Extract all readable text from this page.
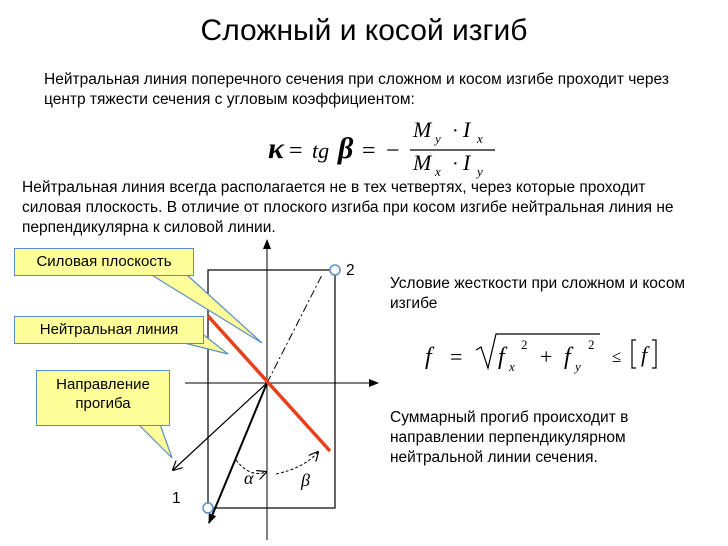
Сложный и косой изгиб
Нейтральная линия поперечного сечения при сложном и косом изгибе проходит через центр тяжести сечения с угловым коэффициентом:
Нейтральная линия всегда располагается не в тех четвертях, через которые проходит силовая плоскость. В отличие от плоского изгиба при косом изгибе нейтральная линия не перпендикулярна к силовой линии.
Условие жесткости при сложном и косом изгибе
Суммарный прогиб происходит в направлении перпендикулярном нейтральной линии сечения.
κ = tg β = −
M y · I x
M x · I y
f = f x
2 + f y
2
≤ f
Силовая плоскость
Нейтральная линия
Направление прогиба
2
1
α	β
